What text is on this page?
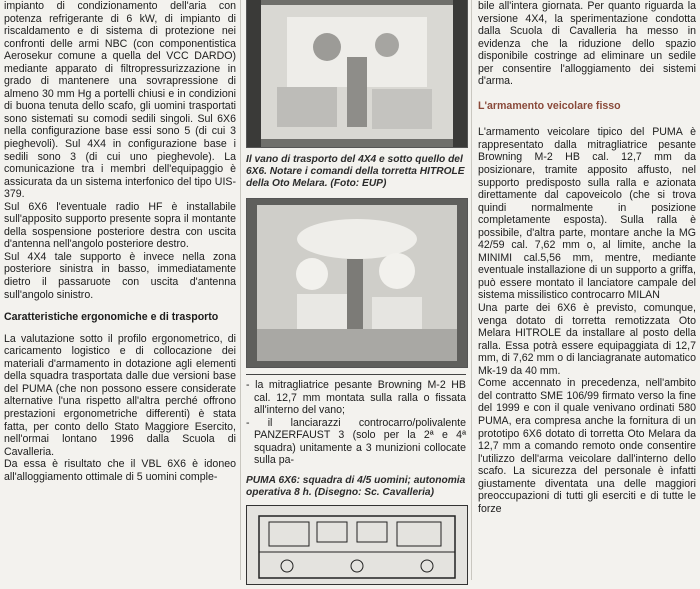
impianto di condizionamento dell'aria con potenza refrigerante di 6 kW, di impianto di riscaldamento e di sistema di protezione nei confronti delle armi NBC (con componentistica Aerosekur comune a quella del VCC DARDO) mediante apparato di filtropressurizzazione in grado di mantenere una sovrapressione di almeno 30 mm Hg a portelli chiusi e in condizioni di buona tenuta dello scafo, gli uomini trasportati sono sistemati su comodi sedili singoli. Sul 6X6 nella configurazione base essi sono 5 (di cui 3 pieghevoli). Sul 4X4 in configurazione base i sedili sono 3 (di cui uno pieghevole). La comunicazione tra i membri dell'equipaggio è assicurata da un sistema interfonico del tipo UIS-379.

Sul 6X6 l'eventuale radio HF è installabile sull'apposito supporto presente sopra il montante della sospensione posteriore destra con uscita d'antenna nell'angolo posteriore destro.

Sul 4X4 tale supporto è invece nella zona posteriore sinistra in basso, immediatamente dietro il passaruote con uscita d'antenna sull'angolo sinistro.

Caratteristiche ergonomiche e di trasporto

La valutazione sotto il profilo ergonometrico, di caricamento logistico e di collocazione dei materiali d'armamento in dotazione agli elementi della squadra trasportata dalle due versioni base del PUMA (che non possono essere considerate alternative l'una rispetto all'altra perché offrono prestazioni ergonometriche differenti) è stata fatta, per conto dello Stato Maggiore Esercito, nell'ormai lontano 1996 dalla Scuola di Cavalleria.

Da essa è risultato che il VBL 6X6 è idoneo all'alloggiamento ottimale di 5 uomini comple-

Il vano di trasporto del 4X4 e sotto quello del 6X6. Notare i comandi della torretta HITROLE della Oto Melara. (Foto: EUP)

- la mitragliatrice pesante Browning M-2 HB cal. 12,7 mm montata sulla ralla o fissata all'interno del vano;
- il lanciarazzi controcarro/polivalente PANZERFAUST 3 (solo per la 2ª e 4ª squadra) unitamente a 3 munizioni collocate sulla pa-

PUMA 6X6: squadra di 4/5 uomini; autonomia operativa 8 h. (Disegno: Sc. Cavalleria)

bile all'intera giornata. Per quanto riguarda la versione 4X4, la sperimentazione condotta dalla Scuola di Cavalleria ha messo in evidenza che la riduzione dello spazio disponibile costringe ad eliminare un sedile per consentire l'alloggiamento dei sistemi d'arma.

L'armamento veicolare fisso

L'armamento veicolare tipico del PUMA è rappresentato dalla mitragliatrice pesante Browning M-2 HB cal. 12,7 mm da posizionare, tramite apposito affusto, nel supporto predisposto sulla ralla e azionata direttamente dal capoveicolo (che si trova quindi normalmente in posizione completamente esposta). Sulla ralla è possibile, d'altra parte, montare anche la MG 42/59 cal. 7,62 mm o, al limite, anche la MINIMI cal.5,56 mm, mentre, mediante eventuale installazione di un supporto a griffa, può essere montato il lanciatore campale del sistema missilistico controcarro MILAN

Una parte dei 6X6 è previsto, comunque, venga dotato di torretta remotizzata Oto Melara HITROLE da installare al posto della ralla. Essa potrà essere equipaggiata di 12,7 mm, di 7,62 mm o di lanciagranate automatico Mk-19 da 40 mm.

Come accennato in precedenza, nell'ambito del contratto SME 106/99 firmato verso la fine del 1999 e con il quale venivano ordinati 580 PUMA, era compresa anche la fornitura di un prototipo 6X6 dotato di torretta Oto Melara da 12,7 mm a comando remoto onde consentire l'utilizzo dell'arma veicolare dall'interno dello scafo. La sicurezza del personale è infatti giustamente diventata una delle maggiori preoccupazioni di tutti gli eserciti e di tutte le forze
